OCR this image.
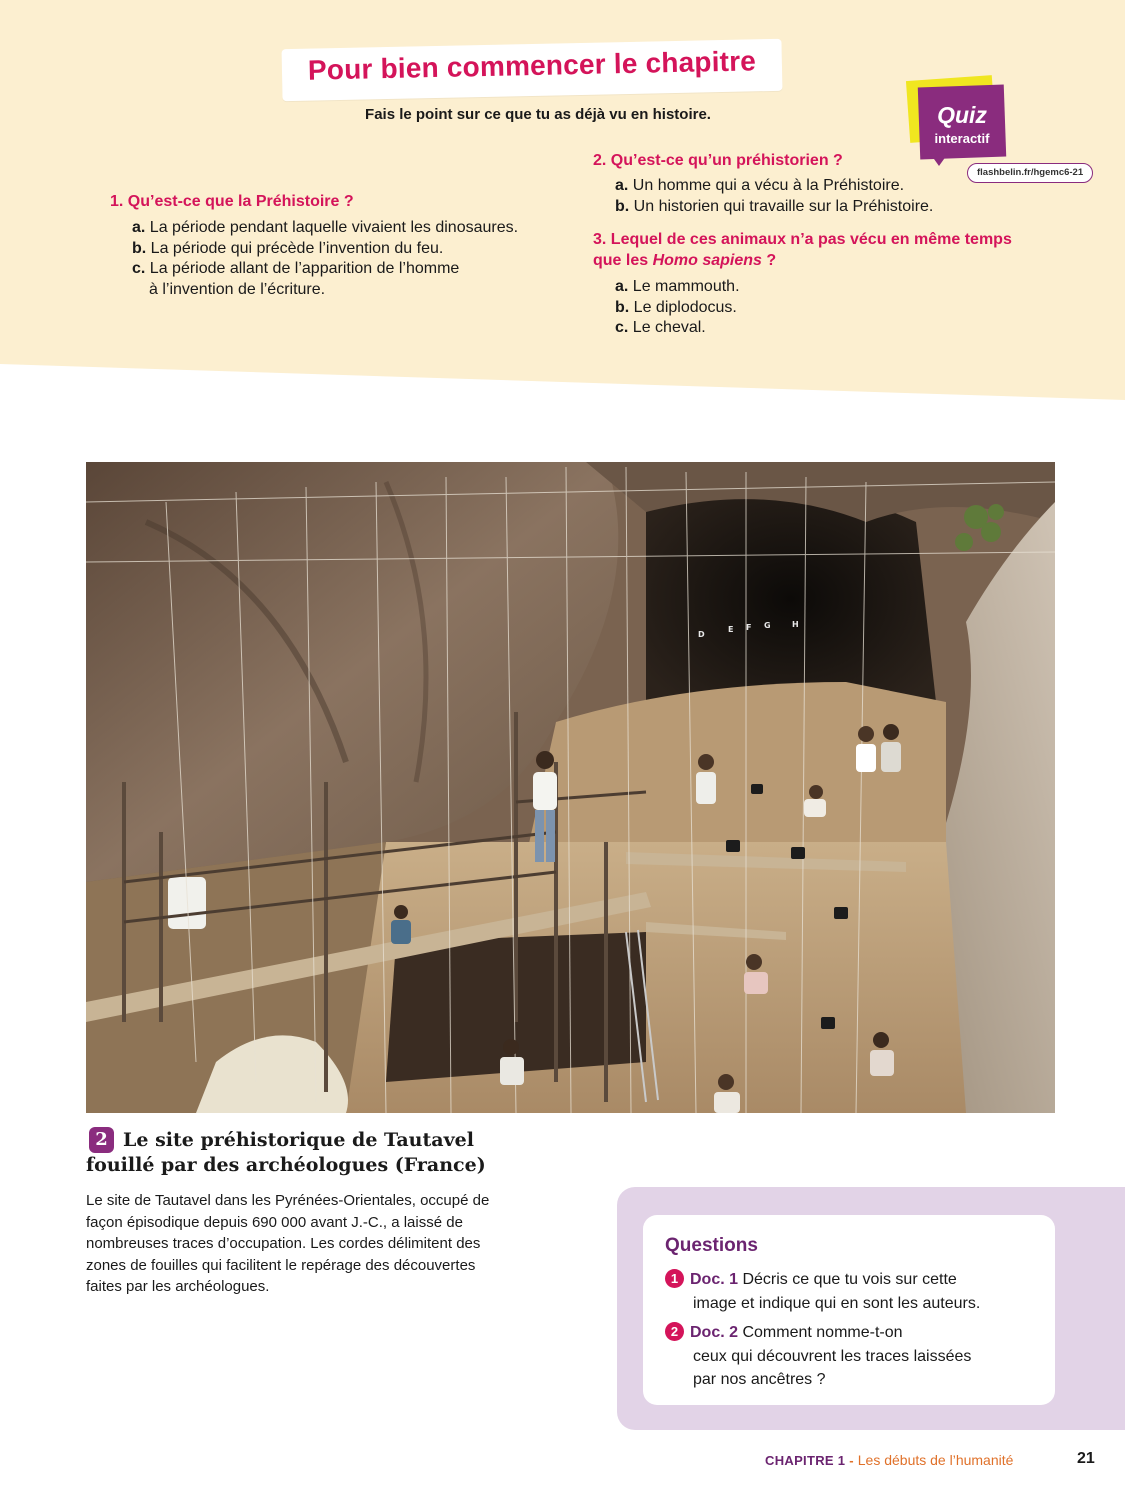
Pour bien commencer le chapitre
Fais le point sur ce que tu as déjà vu en histoire.	Quiz
interactif
flashbelin.fr/hgemc6-21
1. Qu’est-ce que la Préhistoire ?
a. La période pendant laquelle vivaient les dinosaures.
b. La période qui précède l’invention du feu.
c. La période allant de l’apparition de l’homme
à l’invention de l’écriture.
2. Qu’est-ce qu’un préhistorien ?
a. Un homme qui a vécu à la Préhistoire.
b. Un historien qui travaille sur la Préhistoire.
3. Lequel de ces animaux n’a pas vécu en même temps
que les Homo sapiens ?
a. Le mammouth.
b. Le diplodocus.
c. Le cheval.
D
E F G	H
2 Le site préhistorique de Tautavel fouillé par des archéologues (France)
Le site de Tautavel dans les Pyrénées-Orientales, occupé de façon épisodique depuis 690 000 avant J.-C., a laissé de nombreuses traces d’occupation. Les cordes délimitent des zones de fouilles qui facilitent le repérage des découvertes faites par les archéologues.
Questions
1 Doc. 1 Décris ce que tu vois sur cette
image et indique qui en sont les auteurs.
2 Doc. 2 Comment nomme-t-on
ceux qui découvrent les traces laissées
par nos ancêtres ?
CHAPITRE 1 - Les débuts de l’humanité	21
